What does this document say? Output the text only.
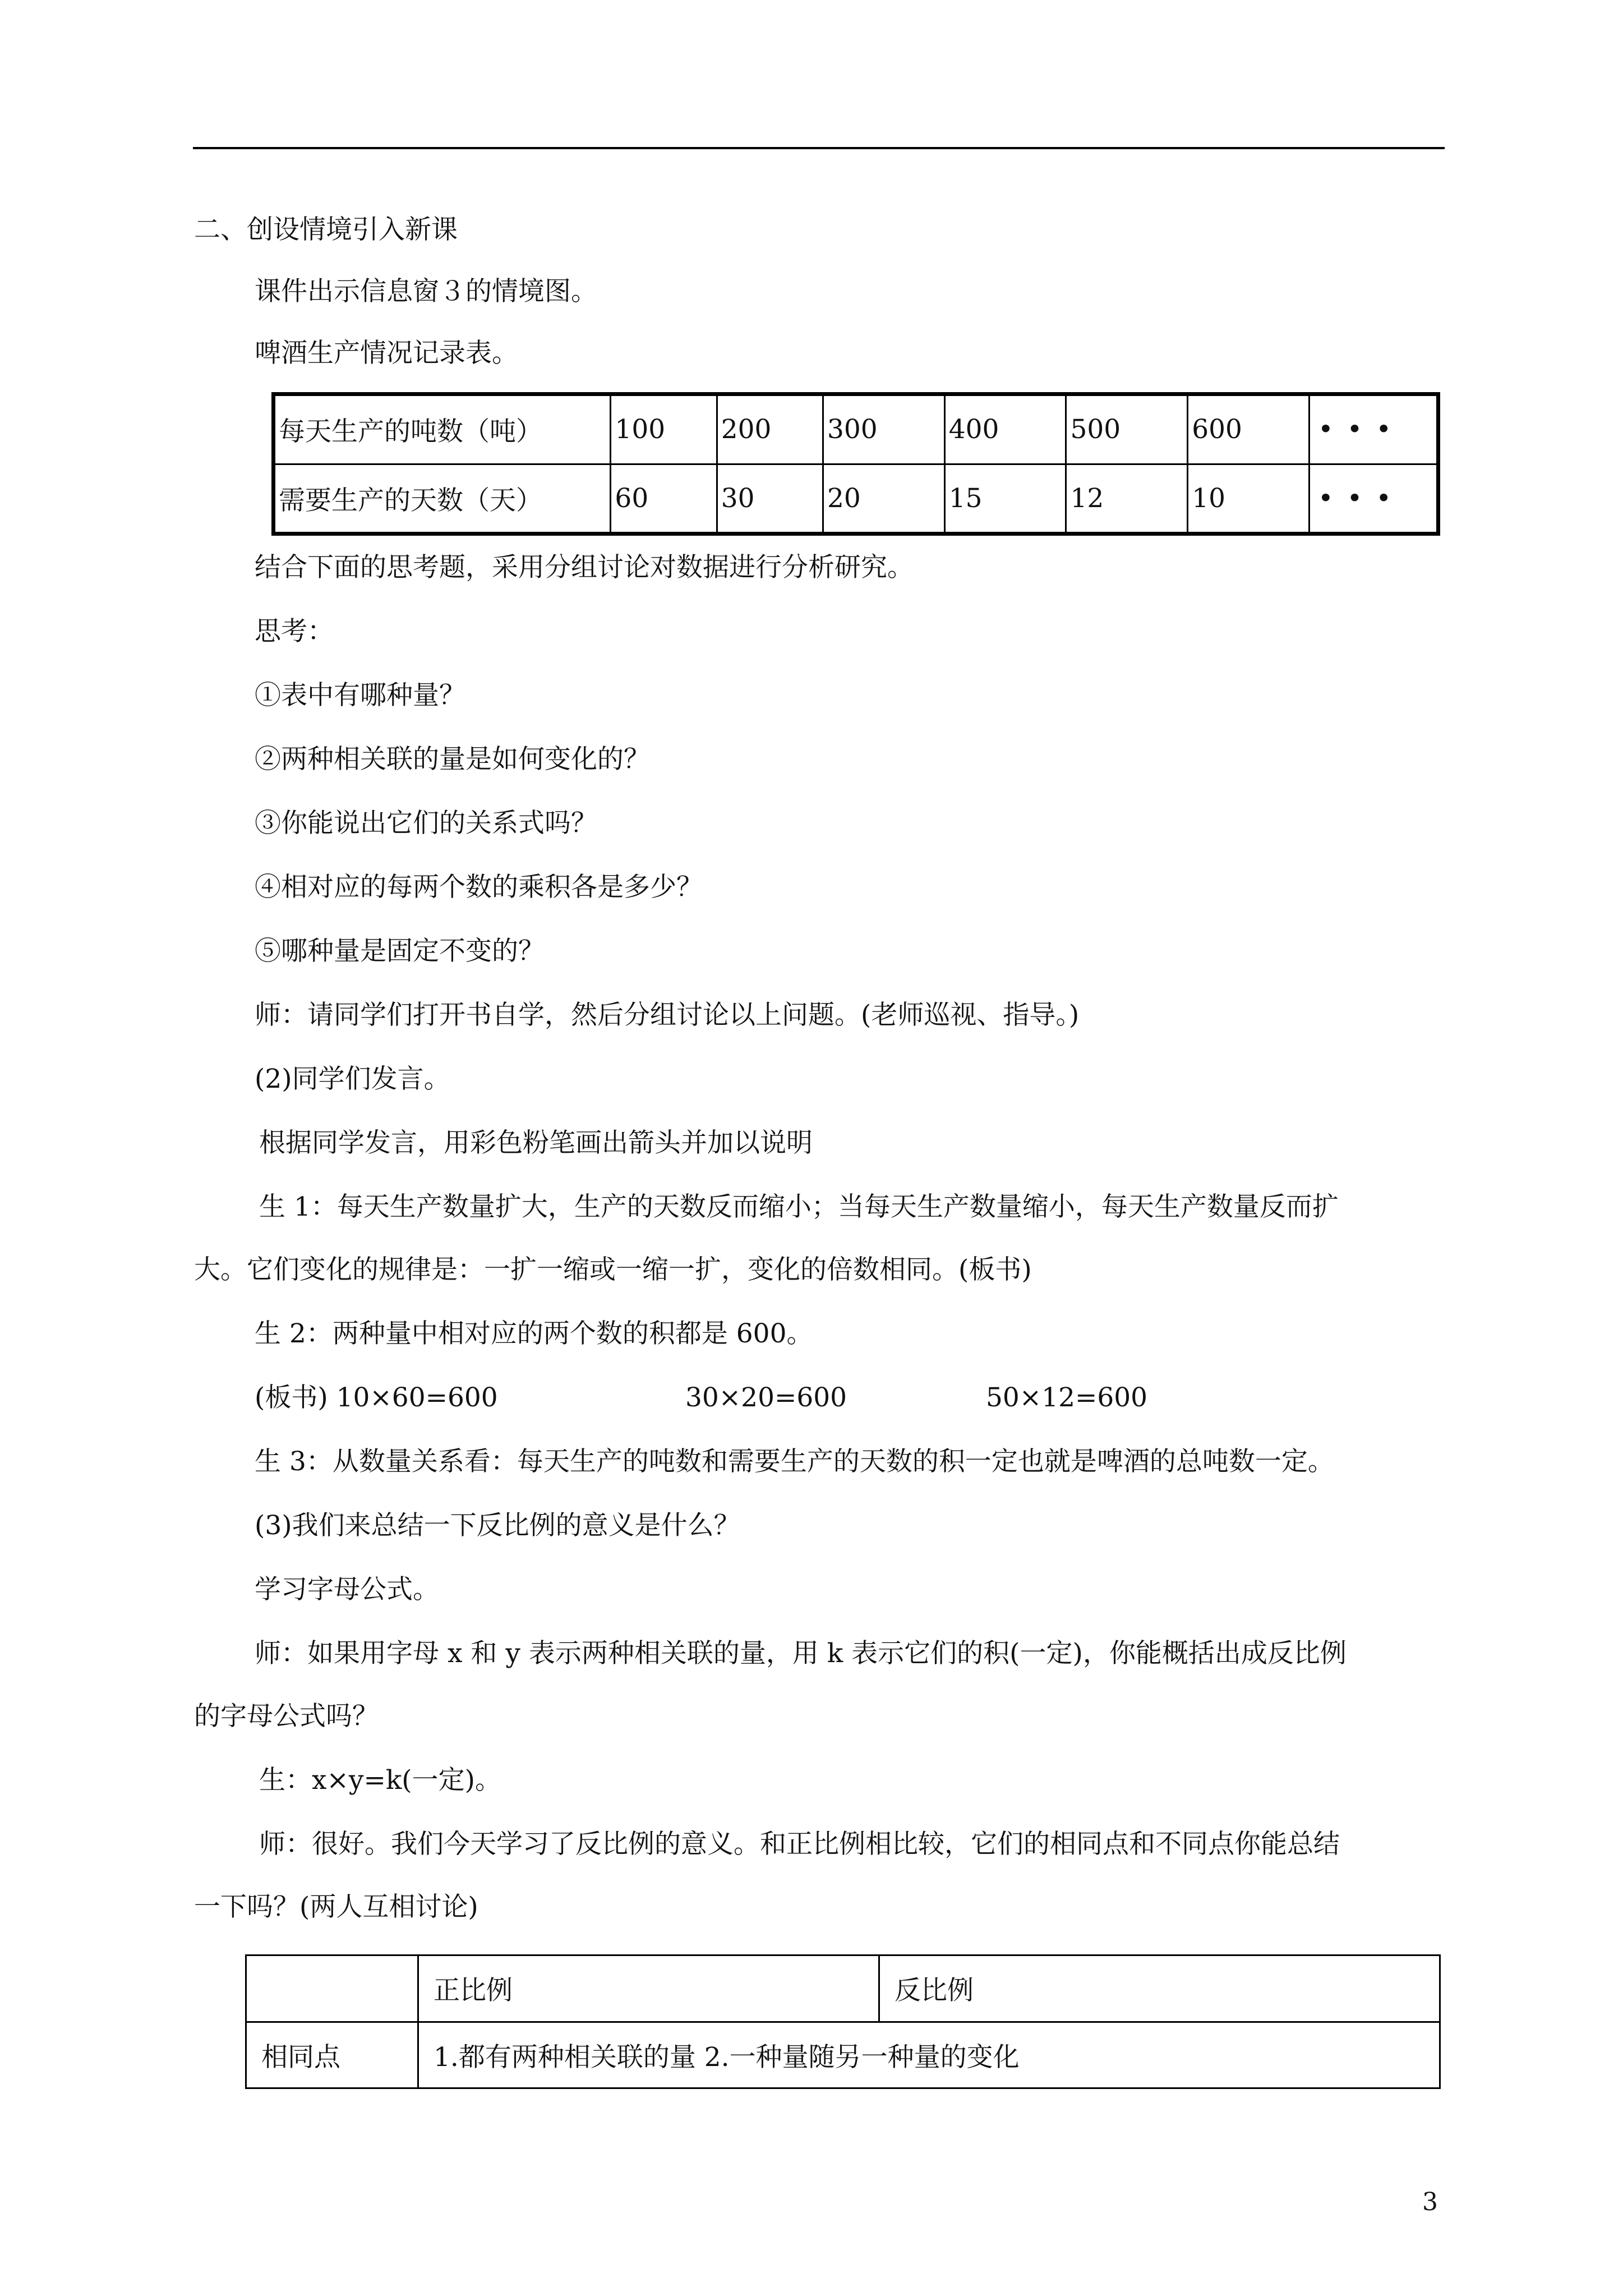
二、创设情境引入新课
课件出示信息窗３的情境图。
啤酒生产情况记录表。
每天生产的吨数（吨）	100	200	300	400	500	600	•••
需要生产的天数（天）	60	30	20	15	12	10	•••
结合下面的思考题，采用分组讨论对数据进行分析研究。
思考：
①表中有哪种量？
②两种相关联的量是如何变化的？
③你能说出它们的关系式吗？
④相对应的每两个数的乘积各是多少？
⑤哪种量是固定不变的？
师：请同学们打开书自学，然后分组讨论以上问题。(老师巡视、指导。)
(2)同学们发言。
根据同学发言，用彩色粉笔画出箭头并加以说明
生 1：每天生产数量扩大，生产的天数反而缩小；当每天生产数量缩小，每天生产数量反而扩
大。它们变化的规律是：一扩一缩或一缩一扩，变化的倍数相同。(板书)
生 2：两种量中相对应的两个数的积都是 600。
(板书) 10×60=600	30×20=600	50×12=600
生 3：从数量关系看：每天生产的吨数和需要生产的天数的积一定也就是啤酒的总吨数一定。
(3)我们来总结一下反比例的意义是什么？
学习字母公式。
师：如果用字母 x 和 y 表示两种相关联的量，用 k 表示它们的积(一定)，你能概括出成反比例
的字母公式吗？
生：x×y=k(一定)。
师：很好。我们今天学习了反比例的意义。和正比例相比较，它们的相同点和不同点你能总结
一下吗？(两人互相讨论)
	正比例	反比例
相同点	1.都有两种相关联的量 2.一种量随另一种量的变化	
3
